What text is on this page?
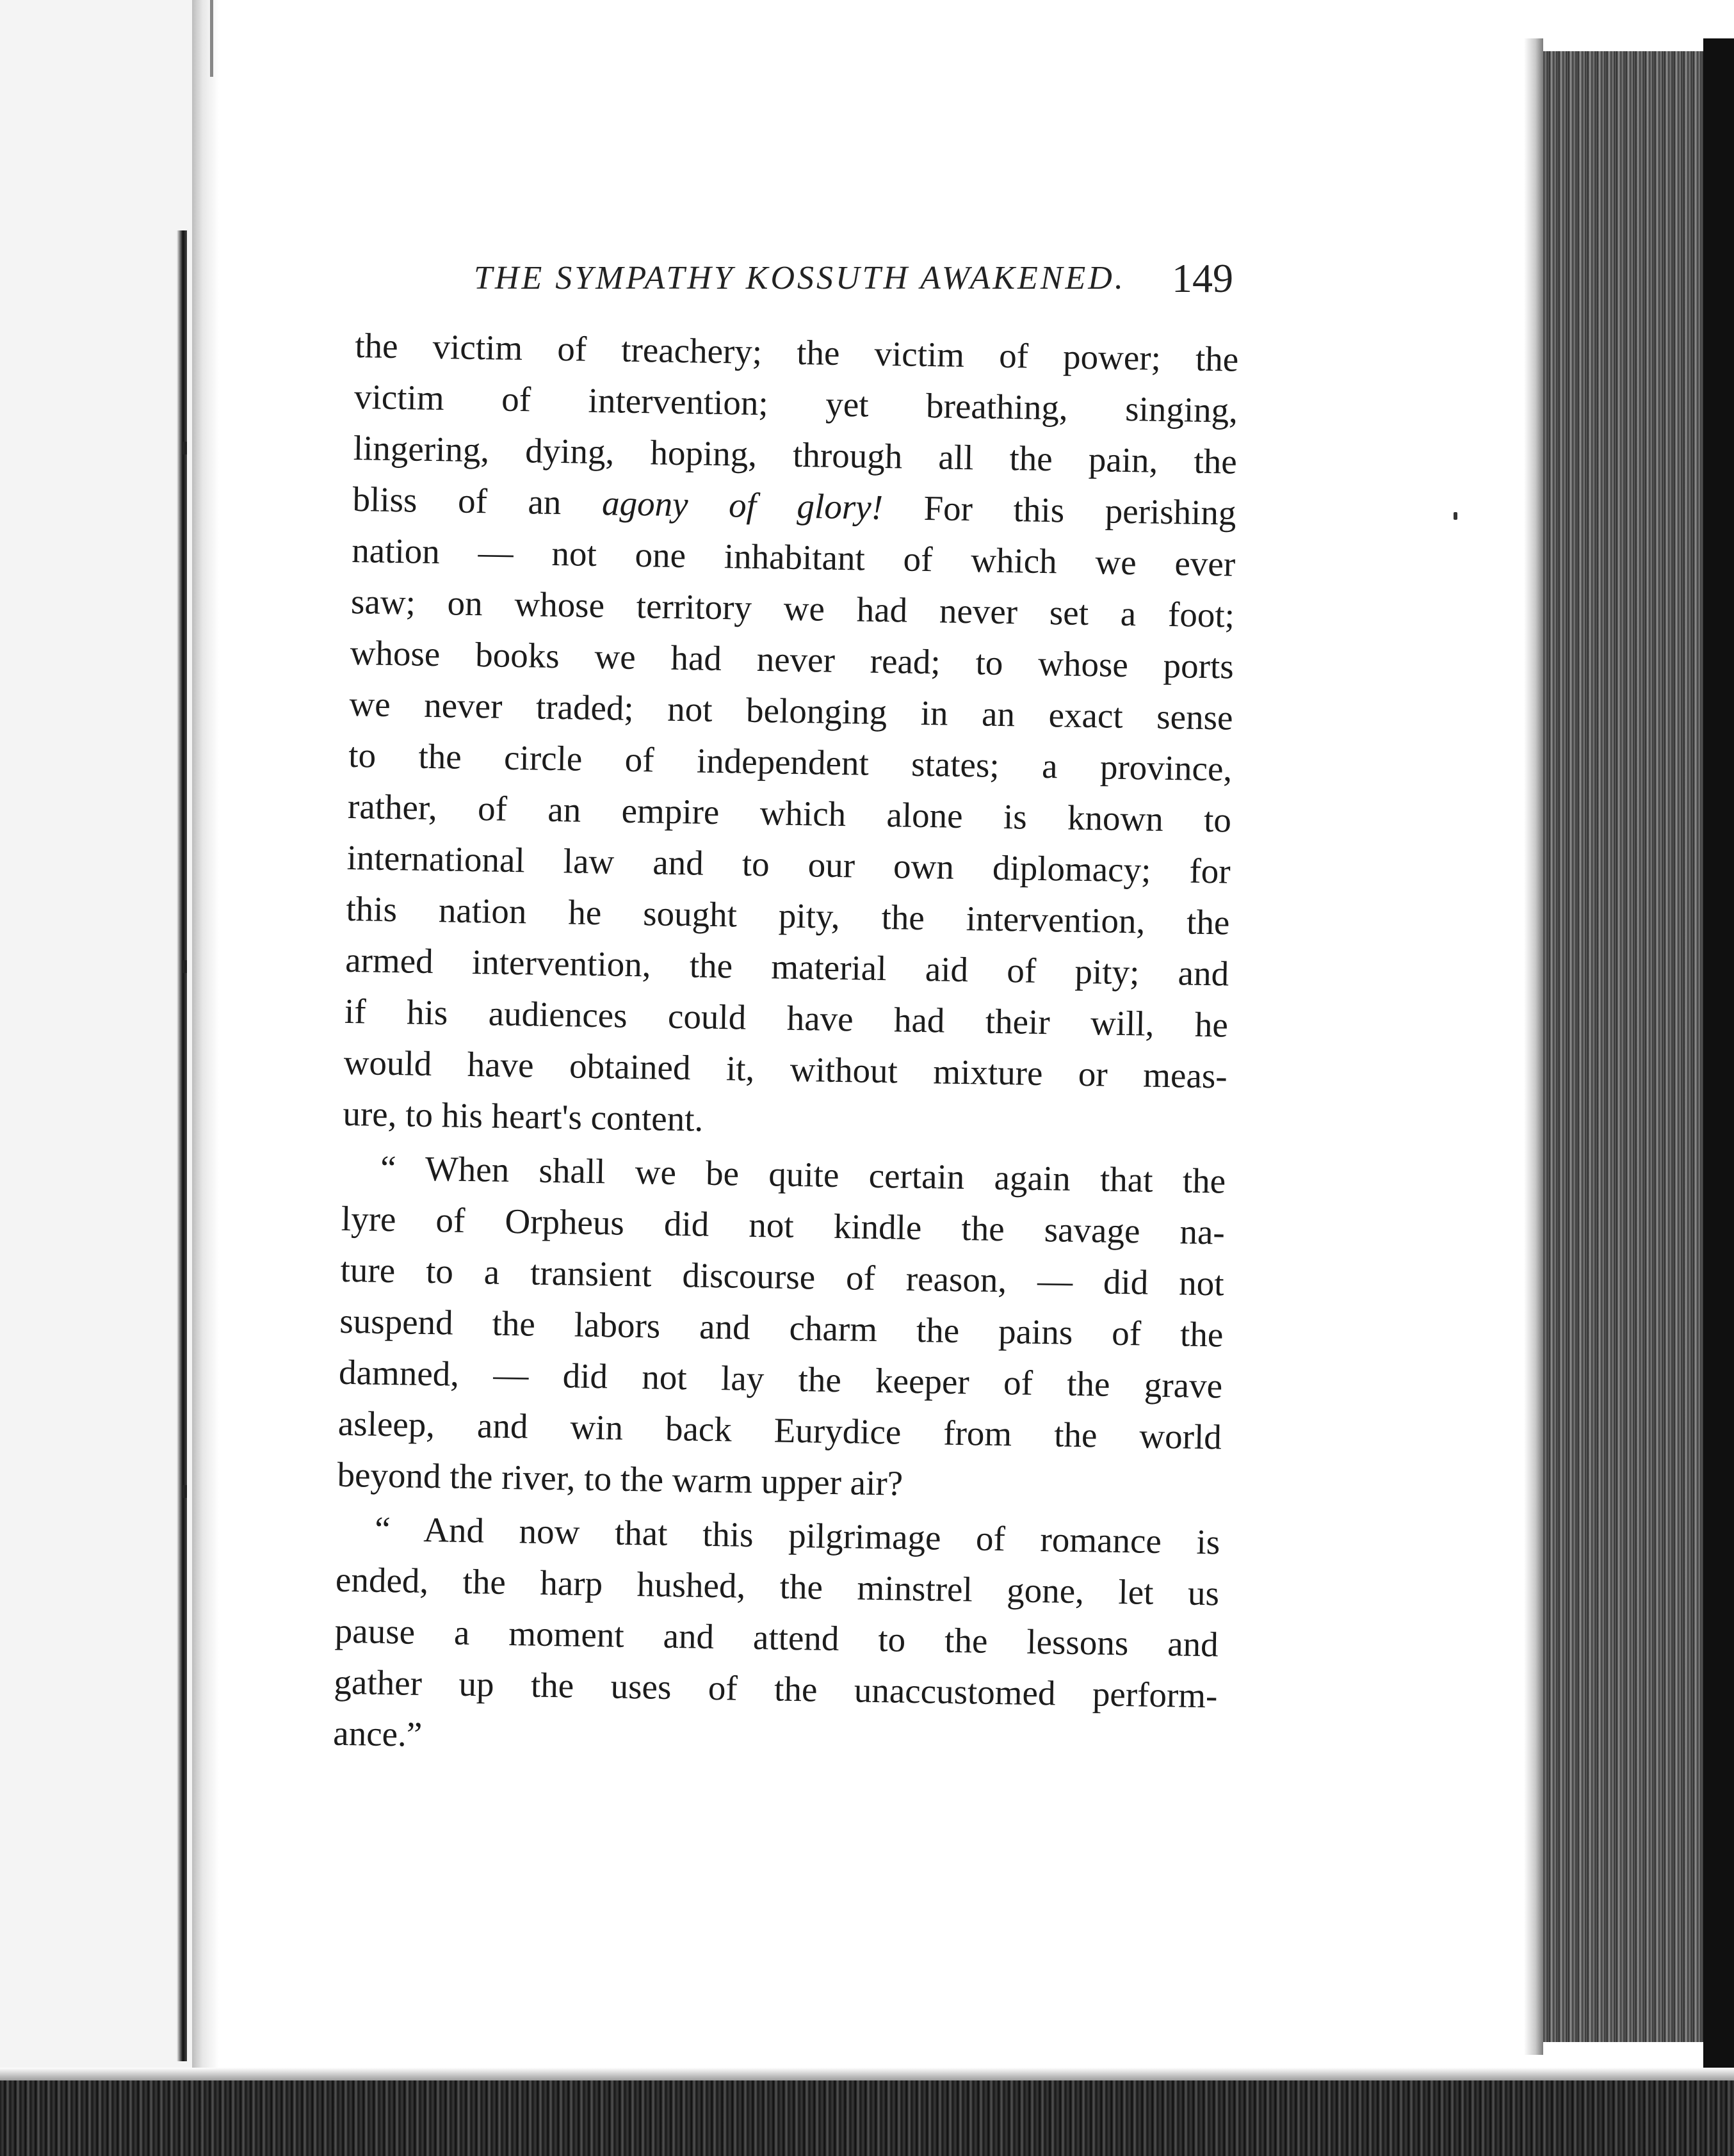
THE SYMPATHY KOSSUTH AWAKENED.	149
the victim of treachery; the victim of power; the
victim of intervention; yet breathing, singing,
lingering, dying, hoping, through all the pain, the
bliss of an agony of glory! For this perishing
nation — not one inhabitant of which we ever
saw; on whose territory we had never set a foot;
whose books we had never read; to whose ports
we never traded; not belonging in an exact sense
to the circle of independent states; a province,
rather, of an empire which alone is known to
international law and to our own diplomacy; for
this nation he sought pity, the intervention, the
armed intervention, the material aid of pity; and
if his audiences could have had their will, he
would have obtained it, without mixture or meas-
ure, to his heart's content.
“ When shall we be quite certain again that the
lyre of Orpheus did not kindle the savage na-
ture to a transient discourse of reason, — did not
suspend the labors and charm the pains of the
damned, — did not lay the keeper of the grave
asleep, and win back Eurydice from the world
beyond the river, to the warm upper air?
“ And now that this pilgrimage of romance is
ended, the harp hushed, the minstrel gone, let us
pause a moment and attend to the lessons and
gather up the uses of the unaccustomed perform-
ance.”
